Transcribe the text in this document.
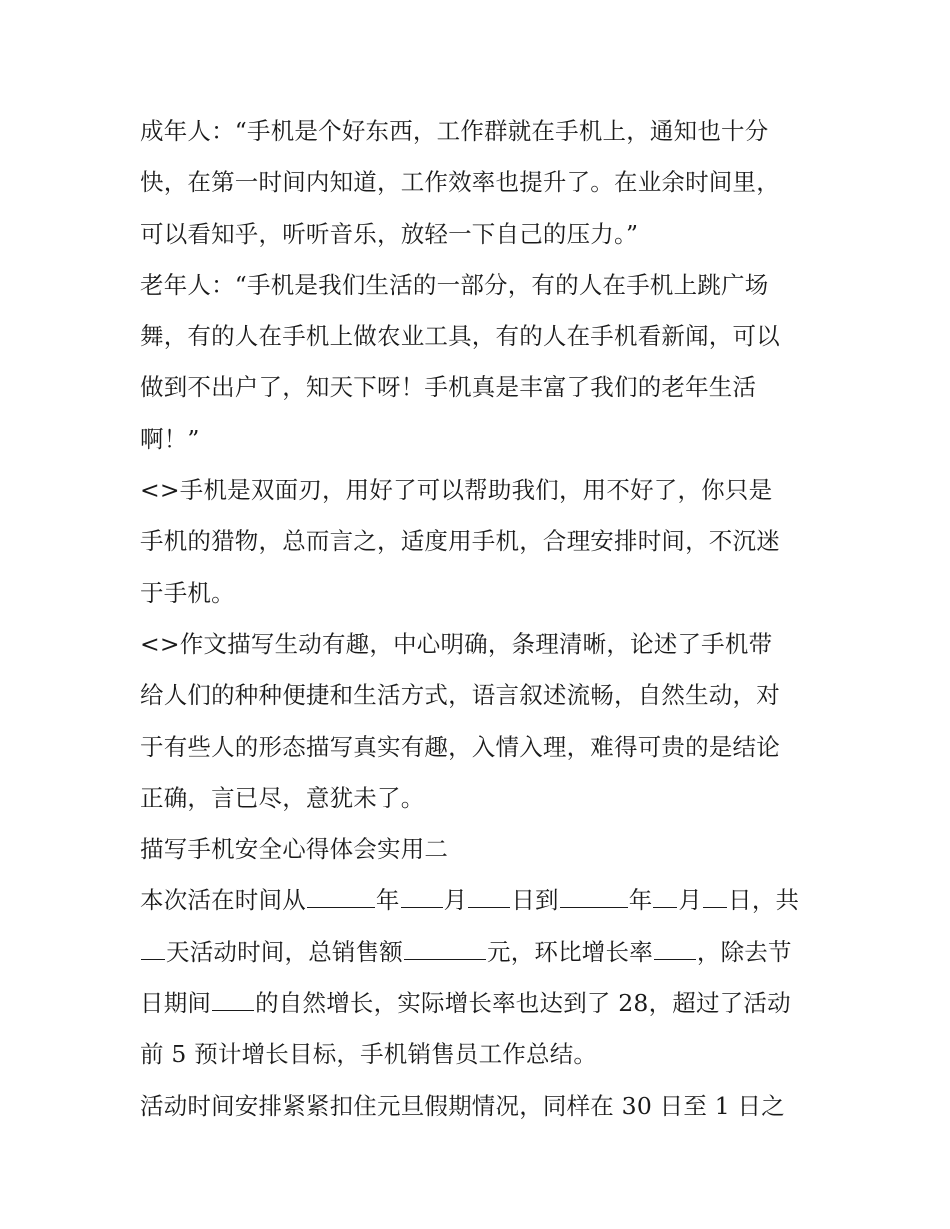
成年人：“手机是个好东西，工作群就在手机上，通知也十分
快，在第一时间内知道，工作效率也提升了。在业余时间里，
可以看知乎，听听音乐，放轻一下自己的压力。”
老年人：“手机是我们生活的一部分，有的人在手机上跳广场
舞，有的人在手机上做农业工具，有的人在手机看新闻，可以
做到不出户了，知天下呀！手机真是丰富了我们的老年生活
啊！”
<>手机是双面刃，用好了可以帮助我们，用不好了，你只是
手机的猎物，总而言之，适度用手机，合理安排时间，不沉迷
于手机。
<>作文描写生动有趣，中心明确，条理清晰，论述了手机带
给人们的种种便捷和生活方式，语言叙述流畅，自然生动，对
于有些人的形态描写真实有趣，入情入理，难得可贵的是结论
正确，言已尽，意犹未了。
描写手机安全心得体会实用二
本次活在时间从	年 月 日到	年 月 日，共
天活动时间，总销售额	元，环比增长率 ，除去节
日期间 的自然增长，实际增长率也达到了 28，超过了活动
前 5 预计增长目标，手机销售员工作总结。
活动时间安排紧紧扣住元旦假期情况，同样在 30 日至 1 日之
